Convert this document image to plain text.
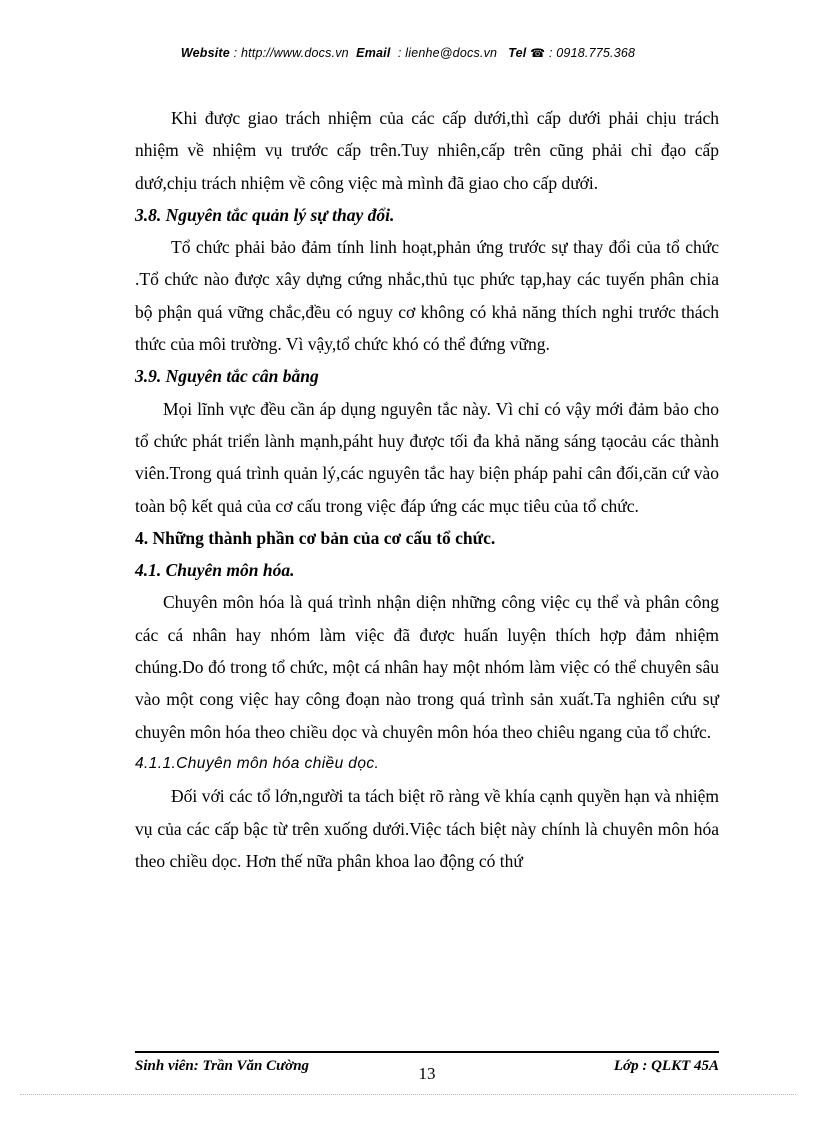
Website : http://www.docs.vn Email : lienhe@docs.vn Tel ☎ : 0918.775.368

Khi được giao trách nhiệm của các cấp dưới,thì cấp dưới phải chịu trách nhiệm về nhiệm vụ trước cấp trên.Tuy nhiên,cấp trên cũng phải chỉ đạo cấp dướ,chịu trách nhiệm về công việc mà mình đã giao cho cấp dưới.

3.8. Nguyên tắc quản lý sự thay đổi.

Tổ chức phải bảo đảm tính linh hoạt,phản ứng trước sự thay đổi của tổ chức .Tổ chức nào được xây dựng cứng nhắc,thủ tục phức tạp,hay các tuyến phân chia bộ phận quá vững chắc,đều có nguy cơ không có khả năng thích nghi trước thách thức của môi trường. Vì vậy,tổ chức khó có thể đứng vững.

3.9. Nguyên tắc cân bằng

Mọi lĩnh vực đều cần áp dụng nguyên tắc này. Vì chỉ có vậy mới đảm bảo cho tổ chức phát triển lành mạnh,páht huy được tối đa khả năng sáng tạocảu các thành viên.Trong quá trình quản lý,các nguyên tắc hay biện pháp pahỉ cân đối,căn cứ vào toàn bộ kết quả của cơ cấu trong việc đáp ứng các mục tiêu của tổ chức.

4. Những thành phần cơ bản của cơ cấu tổ chức.

4.1. Chuyên môn hóa.

Chuyên môn hóa là quá trình nhận diện những công việc cụ thể và phân công các cá nhân hay nhóm làm việc đã được huấn luyện thích hợp đảm nhiệm chúng.Do đó trong tổ chức, một cá nhân hay một nhóm làm việc có thể chuyên sâu vào một cong việc hay công đoạn nào trong quá trình sản xuất.Ta nghiên cứu sự chuyên môn hóa theo chiều dọc và chuyên môn hóa theo chiêu ngang của tổ chức.

4.1.1.Chuyên môn hóa chiều dọc.

Đối với các tổ lớn,người ta tách biệt rõ ràng về khía cạnh quyền hạn và nhiệm vụ của các cấp bậc từ trên xuống dưới.Việc tách biệt này chính là chuyên môn hóa theo chiều dọc. Hơn thế nữa phân khoa lao động có thứ

Sinh viên: Trần Văn Cường	13	Lớp : QLKT 45A
